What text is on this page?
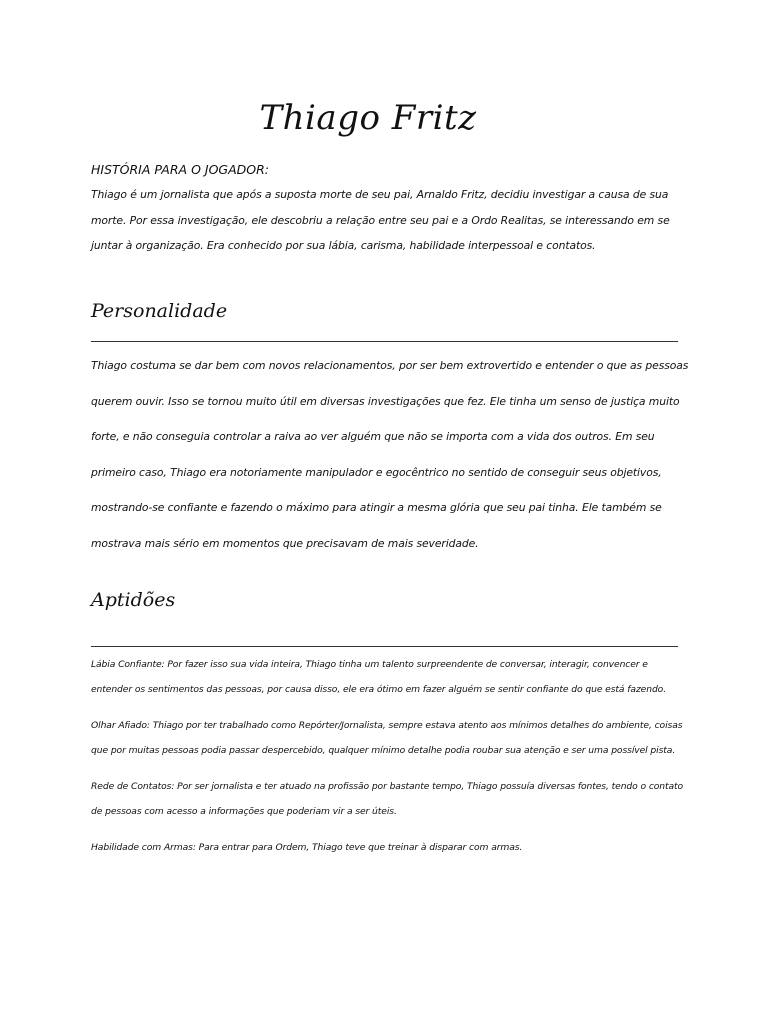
Thiago Fritz
HISTÓRIA PARA O JOGADOR:

Thiago é um jornalista que após a suposta morte de seu pai, Arnaldo Fritz, decidiu investigar a causa de sua morte. Por essa investigação, ele descobriu a relação entre seu pai e a Ordo Realitas, se interessando em se juntar à organização. Era conhecido por sua lábia, carisma, habilidade interpessoal e contatos.

Personalidade

Thiago costuma se dar bem com novos relacionamentos, por ser bem extrovertido e entender o que as pessoas querem ouvir. Isso se tornou muito útil em diversas investigações que fez. Ele tinha um senso de justiça muito forte, e não conseguia controlar a raiva ao ver alguém que não se importa com a vida dos outros. Em seu primeiro caso, Thiago era notoriamente manipulador e egocêntrico no sentido de conseguir seus objetivos, mostrando-se confiante e fazendo o máximo para atingir a mesma glória que seu pai tinha. Ele também se mostrava mais sério em momentos que precisavam de mais severidade.

Aptidões

Lábia Confiante: Por fazer isso sua vida inteira, Thiago tinha um talento surpreendente de conversar, interagir, convencer e entender os sentimentos das pessoas, por causa disso, ele era ótimo em fazer alguém se sentir confiante do que está fazendo.

Olhar Afiado: Thiago por ter trabalhado como Repórter/Jornalista, sempre estava atento aos mínimos detalhes do ambiente, coisas que por muitas pessoas podia passar despercebido, qualquer mínimo detalhe podia roubar sua atenção e ser uma possível pista.

Rede de Contatos: Por ser jornalista e ter atuado na profissão por bastante tempo, Thiago possuía diversas fontes, tendo o contato de pessoas com acesso a informações que poderiam vir a ser úteis.

Habilidade com Armas: Para entrar para Ordem, Thiago teve que treinar à disparar com armas.
